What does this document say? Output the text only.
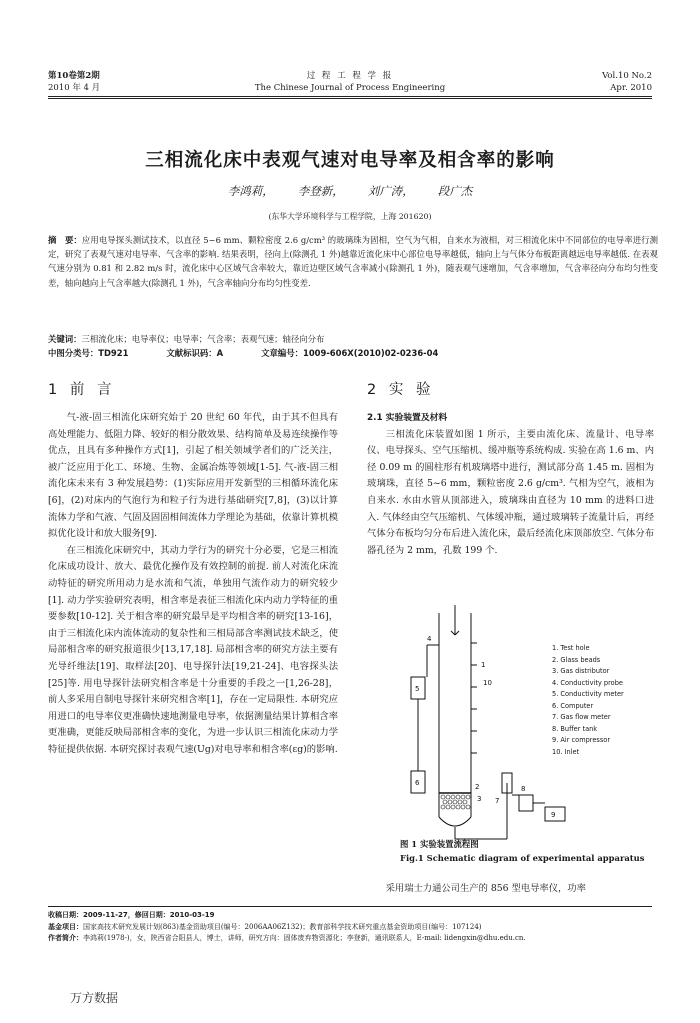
第10卷第2期
2010 年 4 月
过 程 工 程 学 报
The Chinese Journal of Process Engineering
Vol.10 No.2
Apr. 2010
三相流化床中表观气速对电导率及相含率的影响
李鸿莉， 李登新， 刘广涛， 段广杰
(东华大学环境科学与工程学院，上海 201620)
摘　要：应用电导探头测试技术，以直径 5~6 mm、颗粒密度 2.6 g/cm³ 的玻璃珠为固相，空气为气相，自来水为液相，对三相流化床中不同部位的电导率进行测定，研究了表观气速对电导率、气含率的影响. 结果表明，径向上(除测孔 1 外)越靠近流化床中心部位电导率越低，轴向上与气体分布板距离越远电导率越低. 在表观气速分别为 0.81 和 2.82 m/s 时，流化床中心区域气含率较大，靠近边壁区域气含率减小(除测孔 1 外)，随表观气速增加，气含率增加，气含率径向分布均匀性变差，轴向越向上气含率越大(除测孔 1 外)，气含率轴向分布均匀性变差.
关键词：三相流化床；电导率仪；电导率；气含率；表观气速；轴径向分布
中图分类号：TD921	文献标识码：A	文章编号：1009-606X(2010)02-0236-04
1 前 言	2 实 验

气-液-固三相流化床研究始于 20 世纪 60 年代，由于其不但具有高处理能力、低阻力降、较好的相分散效果、结构简单及易连续操作等优点，且具有多种操作方式[1]，引起了相关领域学者们的广泛关注，被广泛应用于化工、环境、生物、金属冶炼等领域[1-5]. 气-液-固三相流化床未来有 3 种发展趋势：(1)实际应用开发新型的三相循环流化床[6]，(2)对床内的气泡行为和粒子行为进行基础研究[7,8]，(3)以计算流体力学和气液、气固及固固相间流体力学理论为基础，依靠计算机模拟优化设计和放大服务[9].

在三相流化床研究中，其动力学行为的研究十分必要，它是三相流化床成功设计、放大、最优化操作及有效控制的前提. 前人对流化床流动特征的研究所用动力是水流和气流，单独用气流作动力的研究较少[1]. 动力学实验研究表明，相含率是表征三相流化床内动力学特征的重要参数[10-12]. 关于相含率的研究最早是平均相含率的研究[13-16]，由于三相流化床内流体流动的复杂性和三相局部含率测试技术缺乏，使局部相含率的研究报道很少[13,17,18]. 局部相含率的研究方法主要有光导纤维法[19]、取样法[20]、电导探针法[19,21-24]、电容探头法[25]等. 用电导探针法研究相含率是十分重要的手段之一[1,26-28]，前人多采用自制电导探针来研究相含率[1]，存在一定局限性. 本研究应用进口的电导率仪更准确快速地测量电导率，依据测量结果计算相含率更准确，更能反映局部相含率的变化，为进一步认识三相流化床动力学特征提供依据. 本研究探讨表观气速(Ug)对电导率和相含率(εg)的影响.

2.1 实验装置及材料

三相流化床装置如图 1 所示，主要由流化床、流量计、电导率仪、电导探头、空气压缩机、缓冲瓶等系统构成. 实验在高 1.6 m、内径 0.09 m 的圆柱形有机玻璃塔中进行，测试部分高 1.45 m. 固相为玻璃珠，直径 5~6 mm，颗粒密度 2.6 g/cm³. 气相为空气，液相为自来水. 水由水管从顶部进入，玻璃珠由直径为 10 mm 的进料口进入. 气体经由空气压缩机、气体缓冲瓶，通过玻璃转子流量计后，再经气体分布板均匀分布后进入流化床，最后经流化床顶部放空. 气体分布器孔径为 2 mm，孔数 199 个.

1
2
3
4
5
6
7
8
9
10
1. Test hole
2. Glass beads
3. Gas distributor
4. Conductivity probe
5. Conductivity meter
6. Computer
7. Gas flow meter
8. Buffer tank
9. Air compressor
10. Inlet
图 1 实验装置流程图
Fig.1 Schematic diagram of experimental apparatus
采用瑞士力通公司生产的 856 型电导率仪，功率
收稿日期：2009-11-27，修回日期：2010-03-19
基金项目：国家高技术研究发展计划(863)基金资助项目(编号：2006AA06Z132)；教育部科学技术研究重点基金资助项目(编号：107124)
作者简介：李鸿莉(1978-)，女，陕西省合阳县人，博士，讲师，研究方向：固体废弃物资源化；李登新，通讯联系人，E-mail: lidengxin@dhu.edu.cn.
万方数据
